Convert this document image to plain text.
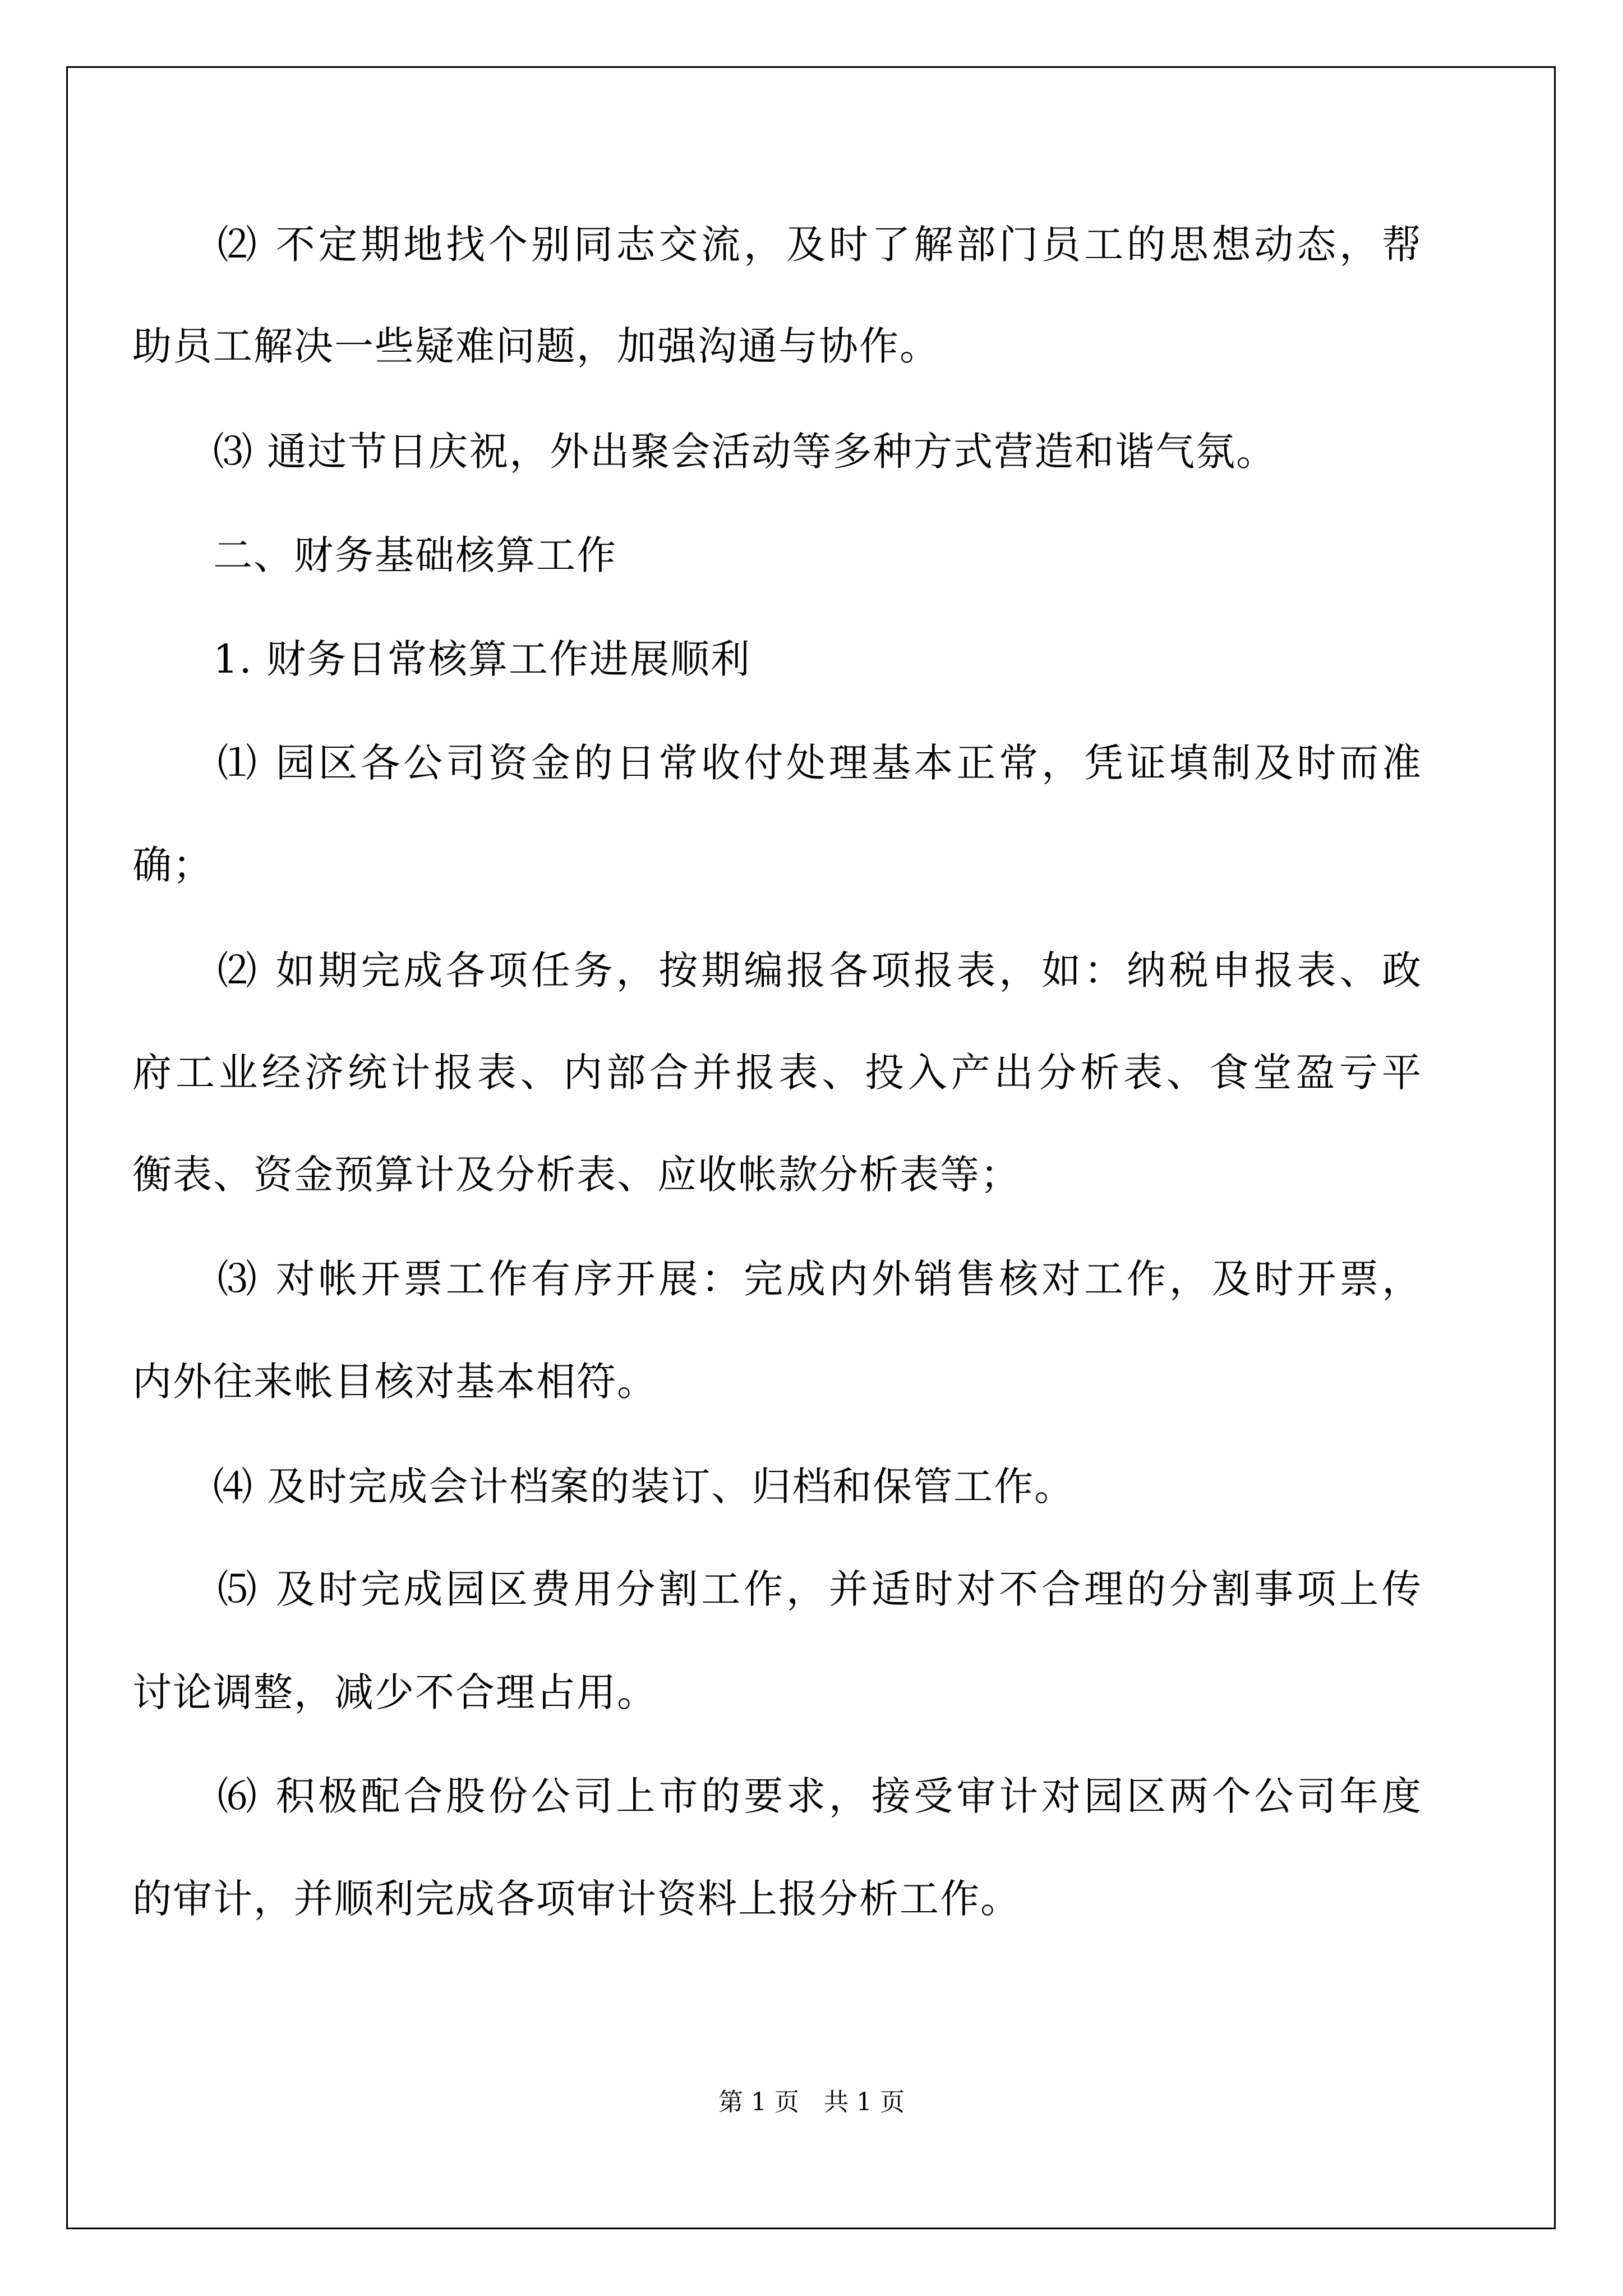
　　⑵ 不定期地找个别同志交流，及时了解部门员工的思想动态，帮
助员工解决一些疑难问题，加强沟通与协作。
　　⑶ 通过节日庆祝，外出聚会活动等多种方式营造和谐气氛。
　　二、财务基础核算工作
　　1. 财务日常核算工作进展顺利
　　⑴ 园区各公司资金的日常收付处理基本正常，凭证填制及时而准
确；
　　⑵ 如期完成各项任务，按期编报各项报表，如：纳税申报表、政
府工业经济统计报表、内部合并报表、投入产出分析表、食堂盈亏平
衡表、资金预算计及分析表、应收帐款分析表等；
　　⑶ 对帐开票工作有序开展：完成内外销售核对工作，及时开票，
内外往来帐目核对基本相符。
　　⑷ 及时完成会计档案的装订、归档和保管工作。
　　⑸ 及时完成园区费用分割工作，并适时对不合理的分割事项上传
讨论调整，减少不合理占用。
　　⑹ 积极配合股份公司上市的要求，接受审计对园区两个公司年度
的审计，并顺利完成各项审计资料上报分析工作。
第 1 页　共 1 页
